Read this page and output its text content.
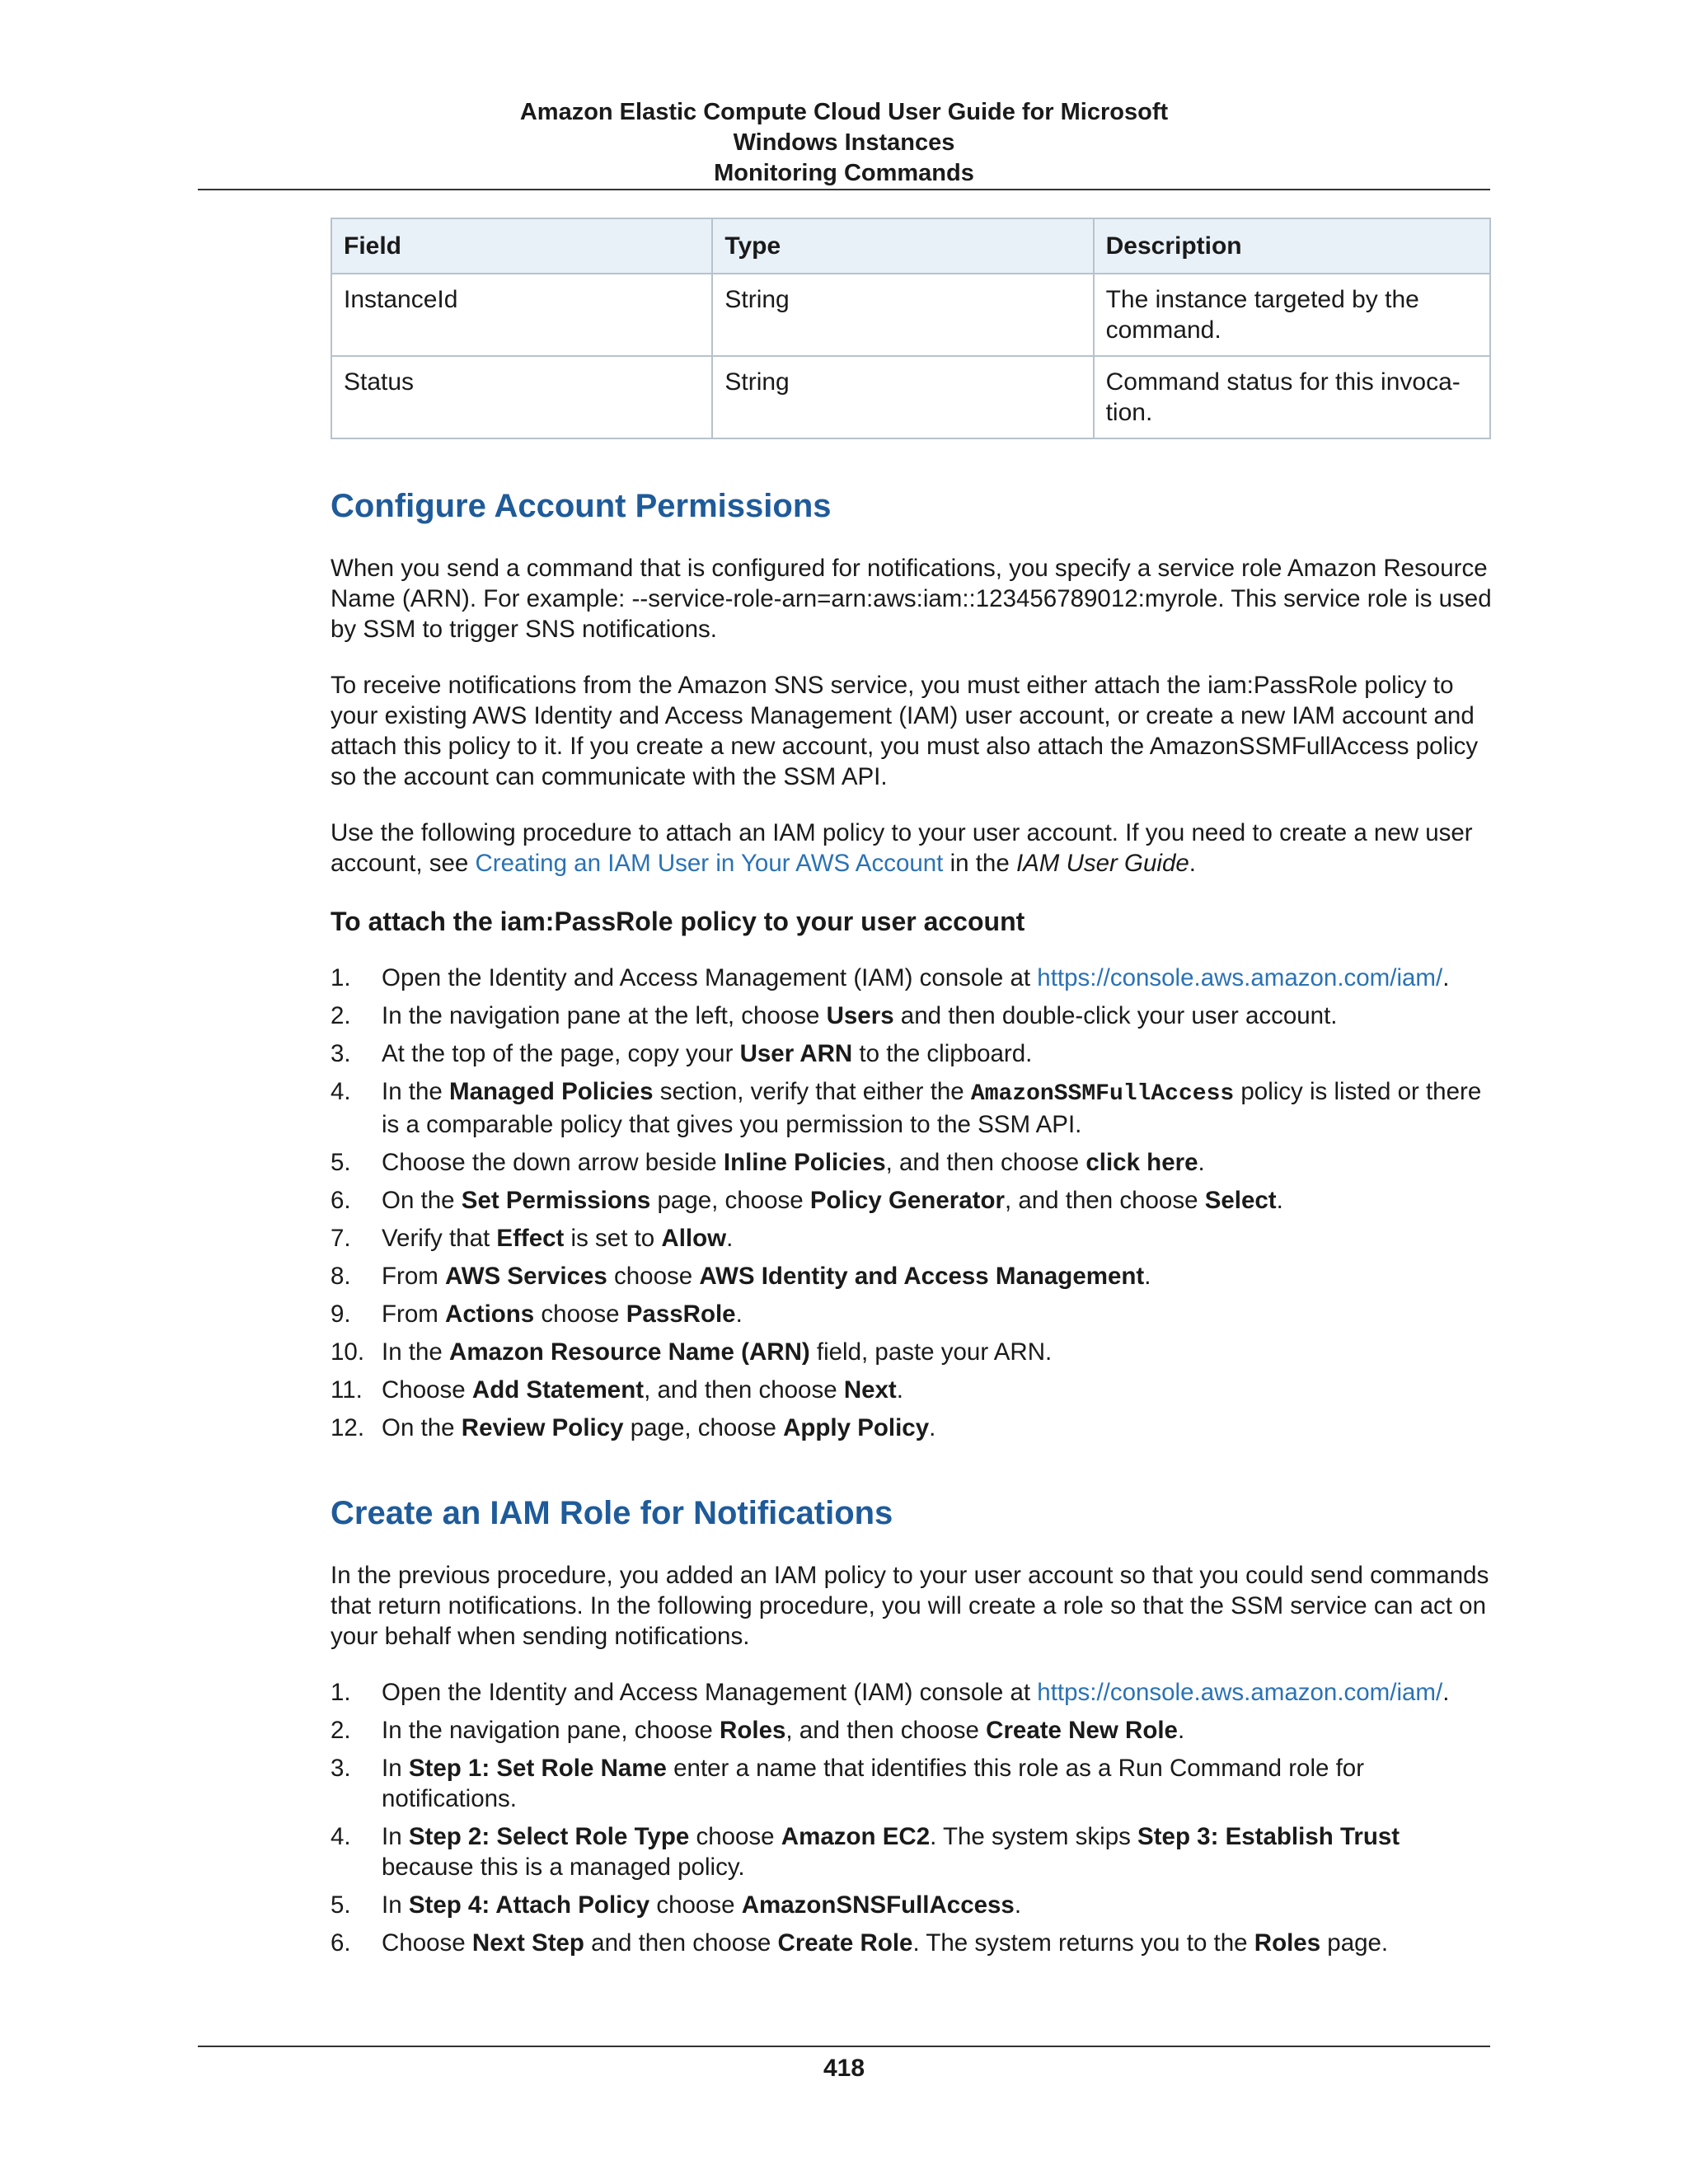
Amazon Elastic Compute Cloud User Guide for Microsoft
Windows Instances
Monitoring Commands
Field	Type	Description
InstanceId	String	The instance targeted by the
command.
Status	String	Command status for this invoca-
tion.
Configure Account Permissions

When you send a command that is configured for notifications, you specify a service role Amazon Resource Name (ARN). For example: --service-role-arn=arn:aws:iam::123456789012:myrole. This service role is used by SSM to trigger SNS notifications.

To receive notifications from the Amazon SNS service, you must either attach the iam:PassRole policy to your existing AWS Identity and Access Management (IAM) user account, or create a new IAM account and attach this policy to it. If you create a new account, you must also attach the AmazonSSMFullAccess policy so the account can communicate with the SSM API.

Use the following procedure to attach an IAM policy to your user account. If you need to create a new user account, see Creating an IAM User in Your AWS Account in the IAM User Guide.

To attach the iam:PassRole policy to your user account
1. Open the Identity and Access Management (IAM) console at https://console.aws.amazon.com/iam/.
2. In the navigation pane at the left, choose Users and then double-click your user account.
3. At the top of the page, copy your User ARN to the clipboard.
4. In the Managed Policies section, verify that either the AmazonSSMFullAccess policy is listed or there is a comparable policy that gives you permission to the SSM API.
5. Choose the down arrow beside Inline Policies, and then choose click here.
6. On the Set Permissions page, choose Policy Generator, and then choose Select.
7. Verify that Effect is set to Allow.
8. From AWS Services choose AWS Identity and Access Management.
9. From Actions choose PassRole.
10. In the Amazon Resource Name (ARN) field, paste your ARN.
11. Choose Add Statement, and then choose Next.
12. On the Review Policy page, choose Apply Policy.
Create an IAM Role for Notifications

In the previous procedure, you added an IAM policy to your user account so that you could send commands that return notifications. In the following procedure, you will create a role so that the SSM service can act on your behalf when sending notifications.

1. Open the Identity and Access Management (IAM) console at https://console.aws.amazon.com/iam/.
2. In the navigation pane, choose Roles, and then choose Create New Role.
3. In Step 1: Set Role Name enter a name that identifies this role as a Run Command role for notifications.
4. In Step 2: Select Role Type choose Amazon EC2. The system skips Step 3: Establish Trust because this is a managed policy.
5. In Step 4: Attach Policy choose AmazonSNSFullAccess.
6. Choose Next Step and then choose Create Role. The system returns you to the Roles page.
418
